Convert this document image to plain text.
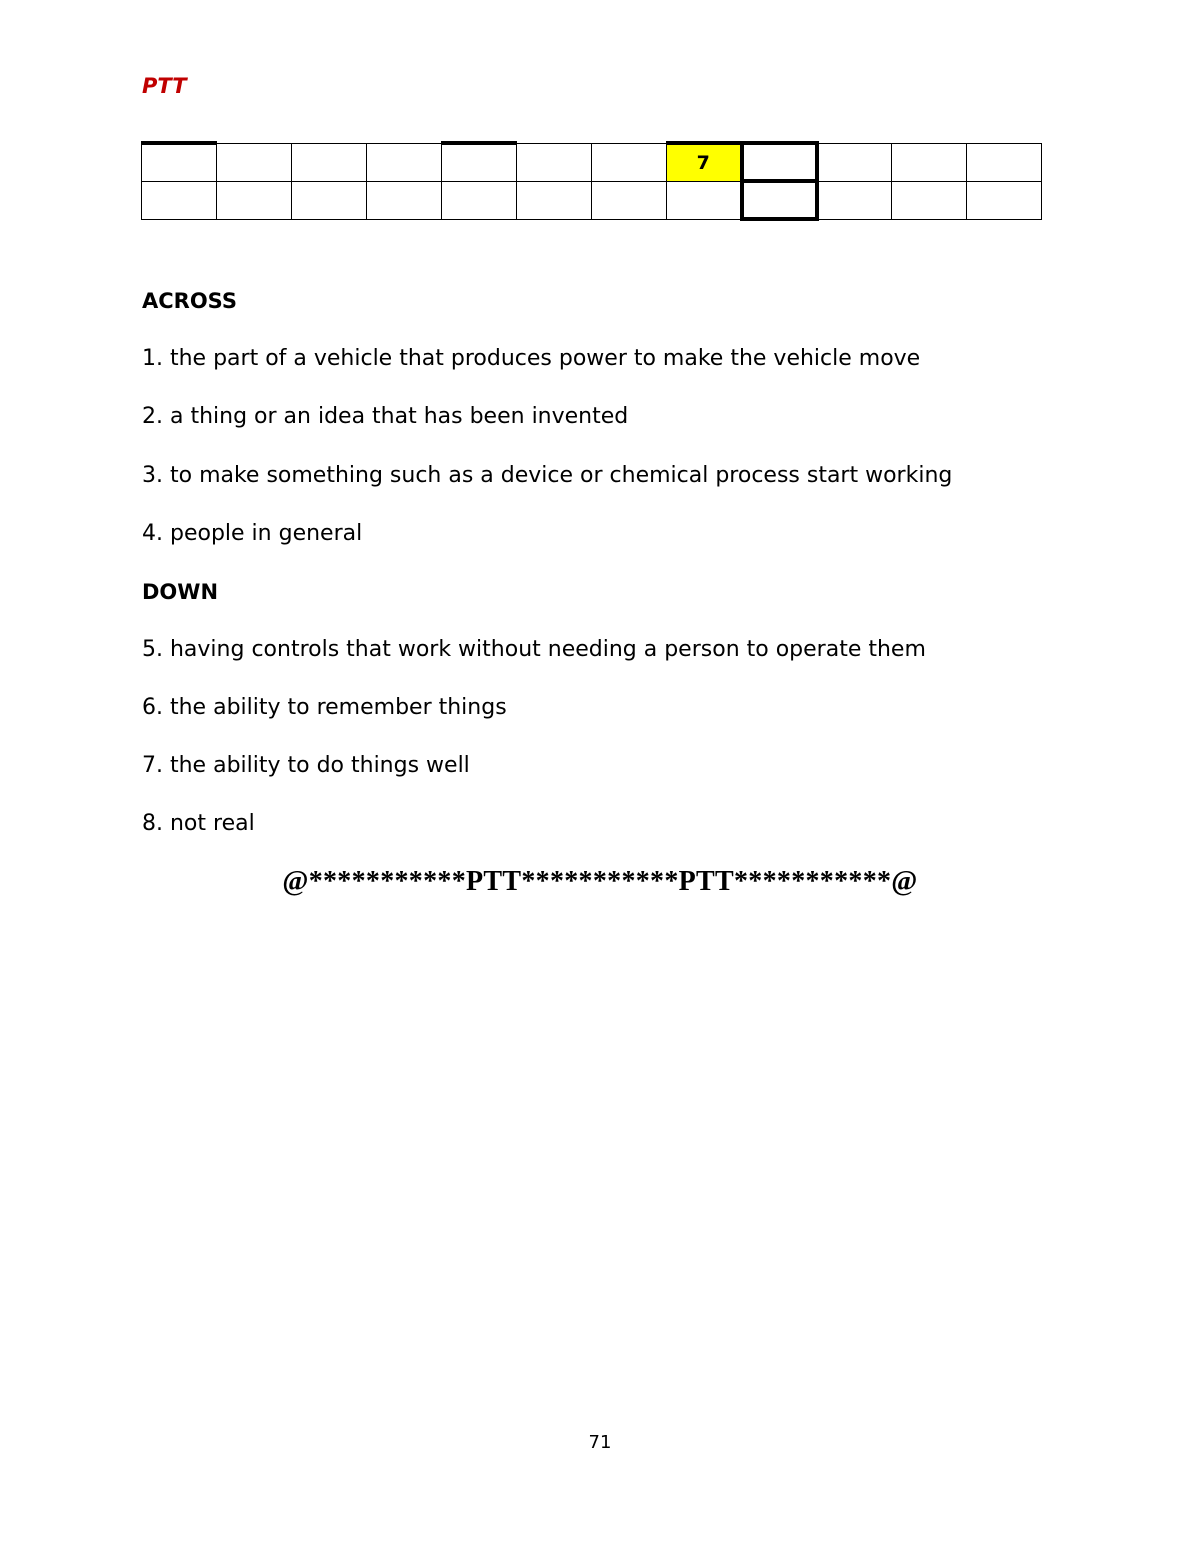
PTT
							7				

ACROSS
1. the part of a vehicle that produces power to make the vehicle move
2. a thing or an idea that has been invented
3. to make something such as a device or chemical process start working
4. people in general
DOWN
5. having controls that work without needing a person to operate them
6. the ability to remember things
7. the ability to do things well
8. not real
@***********PTT***********PTT***********@
71
